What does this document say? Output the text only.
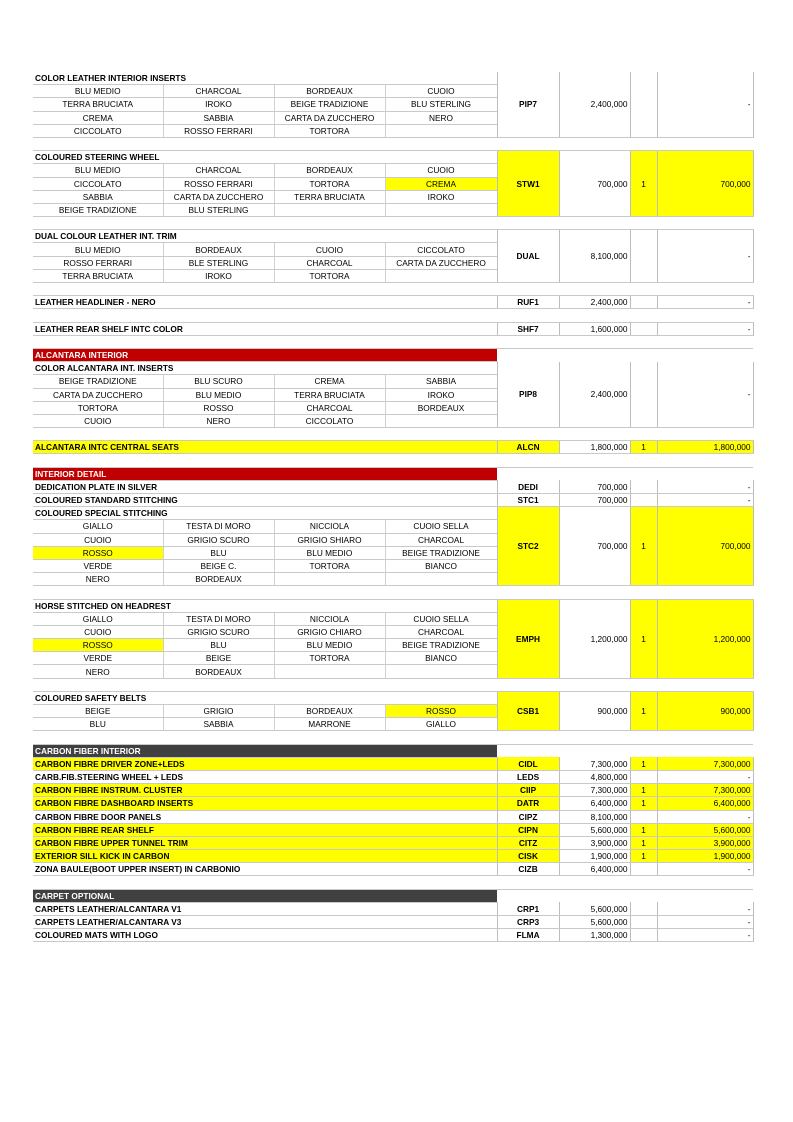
COLOR LEATHER INTERIOR INSERTS				PIP7	2,400,000		-
BLU MEDIO	CHARCOAL	BORDEAUX	CUOIO				
TERRA BRUCIATA	IROKO	BEIGE TRADIZIONE	BLU STERLING				
CREMA	SABBIA	CARTA DA ZUCCHERO	NERO				
CICCOLATO	ROSSO FERRARI	TORTORA					

COLOURED STEERING WHEEL				STW1	700,000	1	700,000
BLU MEDIO	CHARCOAL	BORDEAUX	CUOIO				
CICCOLATO	ROSSO FERRARI	TORTORA	CREMA				
SABBIA	CARTA DA ZUCCHERO	TERRA BRUCIATA	IROKO				
BEIGE TRADIZIONE	BLU STERLING						

DUAL COLOUR LEATHER INT. TRIM				DUAL	8,100,000		-
BLU MEDIO	BORDEAUX	CUOIO	CICCOLATO				
ROSSO FERRARI	BLE STERLING	CHARCOAL	CARTA DA ZUCCHERO				
TERRA BRUCIATA	IROKO	TORTORA					

LEATHER HEADLINER - NERO				RUF1	2,400,000		-

LEATHER REAR SHELF INTC COLOR				SHF7	1,600,000		-

ALCANTARA INTERIOR							
COLOR ALCANTARA INT. INSERTS				PIP8	2,400,000		-
BEIGE TRADIZIONE	BLU SCURO	CREMA	SABBIA				
CARTA DA ZUCCHERO	BLU MEDIO	TERRA BRUCIATA	IROKO				
TORTORA	ROSSO	CHARCOAL	BORDEAUX				
CUOIO	NERO	CICCOLATO					

ALCANTARA INTC CENTRAL SEATS				ALCN	1,800,000	1	1,800,000

INTERIOR DETAIL							
DEDICATION PLATE IN SILVER				DEDI	700,000		-
COLOURED STANDARD STITCHING				STC1	700,000		-
COLOURED SPECIAL STITCHING				STC2	700,000	1	700,000
GIALLO	TESTA DI MORO	NICCIOLA	CUOIO SELLA				
CUOIO	GRIGIO SCURO	GRIGIO SHIARO	CHARCOAL				
ROSSO	BLU	BLU MEDIO	BEIGE TRADIZIONE				
VERDE	BEIGE C.	TORTORA	BIANCO				
NERO	BORDEAUX						

HORSE STITCHED ON HEADREST				EMPH	1,200,000	1	1,200,000
GIALLO	TESTA DI MORO	NICCIOLA	CUOIO SELLA				
CUOIO	GRIGIO SCURO	GRIGIO CHIARO	CHARCOAL				
ROSSO	BLU	BLU MEDIO	BEIGE TRADIZIONE				
VERDE	BEIGE	TORTORA	BIANCO				
NERO	BORDEAUX						

COLOURED SAFETY BELTS				CSB1	900,000	1	900,000
BEIGE	GRIGIO	BORDEAUX	ROSSO				
BLU	SABBIA	MARRONE	GIALLO				

CARBON FIBER INTERIOR							
CARBON FIBRE DRIVER ZONE+LEDS				CIDL	7,300,000	1	7,300,000
CARB.FIB.STEERING WHEEL + LEDS				LEDS	4,800,000		-
CARBON FIBRE INSTRUM. CLUSTER				CIIP	7,300,000	1	7,300,000
CARBON FIBRE DASHBOARD INSERTS				DATR	6,400,000	1	6,400,000
CARBON FIBRE DOOR PANELS				CIPZ	8,100,000		-
CARBON FIBRE REAR SHELF				CIPN	5,600,000	1	5,600,000
CARBON FIBRE UPPER TUNNEL TRIM				CITZ	3,900,000	1	3,900,000
EXTERIOR SILL KICK IN CARBON				CISK	1,900,000	1	1,900,000
ZONA BAULE(BOOT UPPER INSERT) IN CARBONIO				CIZB	6,400,000		-

CARPET OPTIONAL							
CARPETS LEATHER/ALCANTARA V1				CRP1	5,600,000		-
CARPETS LEATHER/ALCANTARA V3				CRP3	5,600,000		-
COLOURED MATS WITH LOGO				FLMA	1,300,000		-
